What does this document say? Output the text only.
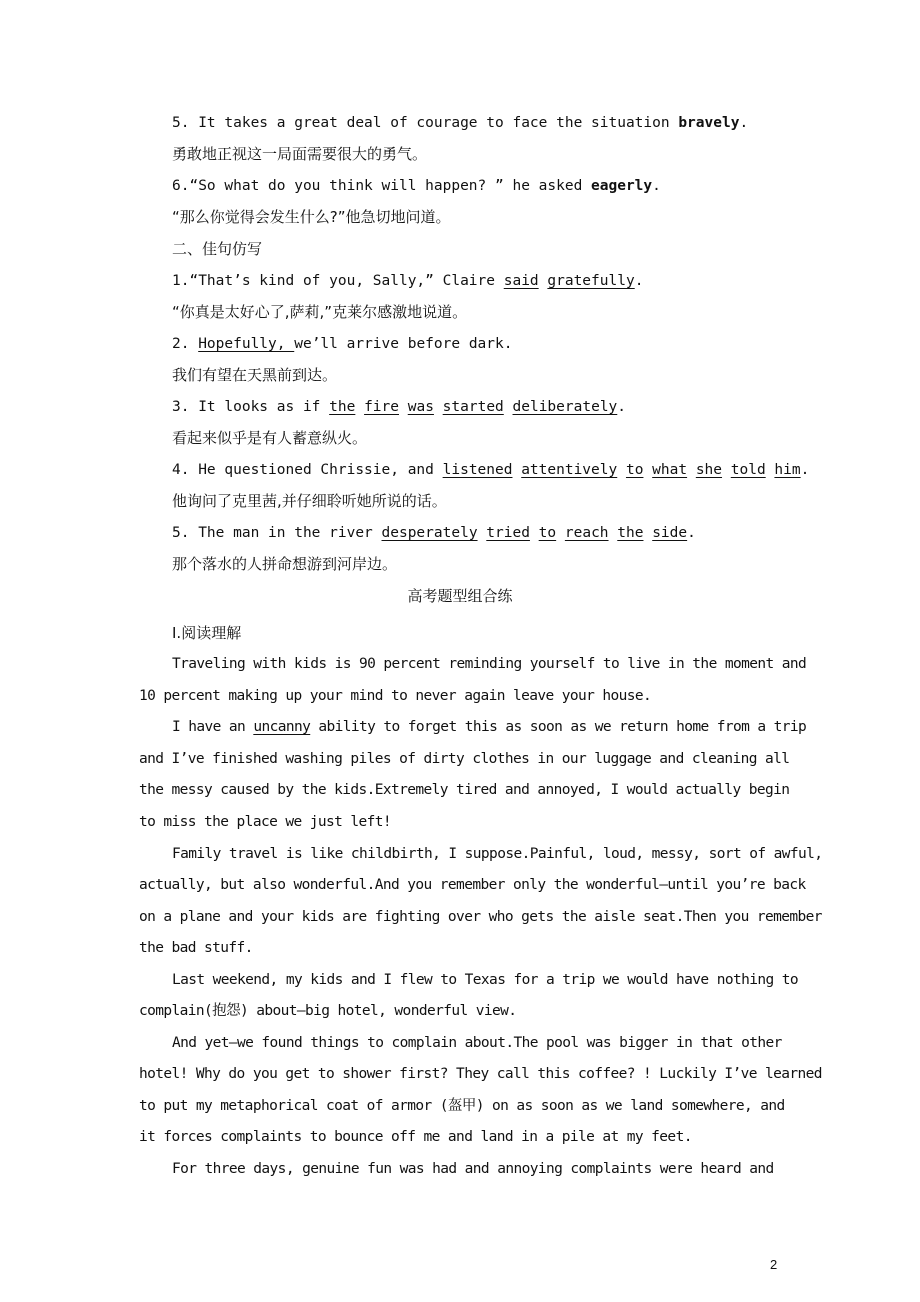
5. It takes a great deal of courage to face the situation bravely.
勇敢地正视这一局面需要很大的勇气。
6.“So what do you think will happen? ” he asked eagerly.
“那么你觉得会发生什么?”他急切地问道。
二、佳句仿写
1.“That’s kind of you, Sally,” Claire said gratefully.
“你真是太好心了,萨莉,”克莱尔感激地说道。
2. Hopefully, we’ll arrive before dark.
我们有望在天黑前到达。
3. It looks as if the fire was started deliberately.
看起来似乎是有人蓄意纵火。
4. He questioned Chrissie, and listened attentively to what she told him.
他询问了克里茜,并仔细聆听她所说的话。
5. The man in the river desperately tried to reach the side.
那个落水的人拼命想游到河岸边。
高考题型组合练
Ⅰ.阅读理解
Traveling with kids is 90 percent reminding yourself to live in the moment and
10 percent making up your mind to never again leave your house.
I have an uncanny ability to forget this as soon as we return home from a trip
and I’ve finished washing piles of dirty clothes in our luggage and cleaning all
the messy caused by the kids.Extremely tired and annoyed, I would actually begin
to miss the place we just left!
Family travel is like childbirth, I suppose.Painful, loud, messy, sort of awful,
actually, but also wonderful.And you remember only the wonderful—until you’re back
on a plane and your kids are fighting over who gets the aisle seat.Then you remember
the bad stuff.
Last weekend, my kids and I flew to Texas for a trip we would have nothing to
complain(抱怨) about—big hotel, wonderful view.
And yet—we found things to complain about.The pool was bigger in that other
hotel! Why do you get to shower first? They call this coffee? ! Luckily I’ve learned
to put my metaphorical coat of armor (盔甲) on as soon as we land somewhere, and
it forces complaints to bounce off me and land in a pile at my feet.
For three days, genuine fun was had and annoying complaints were heard and
2
